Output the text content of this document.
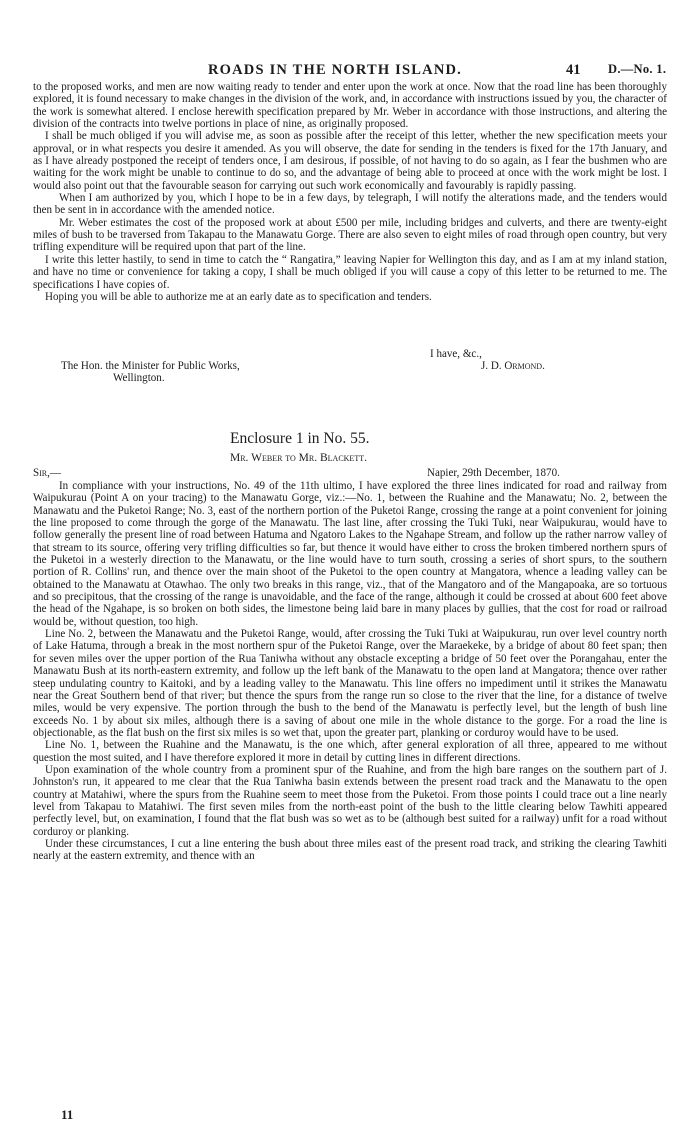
ROADS IN THE NORTH ISLAND.	41 D.—No. 1.

to the proposed works, and men are now waiting ready to tender and enter upon the work at once. Now that the road line has been thoroughly explored, it is found necessary to make changes in the division of the work, and, in accordance with instructions issued by you, the character of the work is somewhat altered. I enclose herewith specification prepared by Mr. Weber in accordance with those instructions, and altering the division of the contracts into twelve portions in place of nine, as originally proposed.

I shall be much obliged if you will advise me, as soon as possible after the receipt of this letter, whether the new specification meets your approval, or in what respects you desire it amended. As you will observe, the date for sending in the tenders is fixed for the 17th January, and as I have already postponed the receipt of tenders once, I am desirous, if possible, of not having to do so again, as I fear the bushmen who are waiting for the work might be unable to continue to do so, and the advantage of being able to proceed at once with the work might be lost. I would also point out that the favourable season for carrying out such work economically and favourably is rapidly passing.

When I am authorized by you, which I hope to be in a few days, by telegraph, I will notify the alterations made, and the tenders would then be sent in in accordance with the amended notice.

Mr. Weber estimates the cost of the proposed work at about £500 per mile, including bridges and culverts, and there are twenty-eight miles of bush to be traversed from Takapau to the Manawatu Gorge. There are also seven to eight miles of road through open country, but very trifling expenditure will be required upon that part of the line.

I write this letter hastily, to send in time to catch the “ Rangatira,” leaving Napier for Wellington this day, and as I am at my inland station, and have no time or convenience for taking a copy, I shall be much obliged if you will cause a copy of this letter to be returned to me. The specifications I have copies of.

Hoping you will be able to authorize me at an early date as to specification and tenders.

I have, &c.,
J. D. Ormond.
The Hon. the Minister for Public Works,
Wellington.
Enclosure 1 in No. 55.
Mr. Weber to Mr. Blackett.
Sir,—	Napier, 29th December, 1870.

In compliance with your instructions, No. 49 of the 11th ultimo, I have explored the three lines indicated for road and railway from Waipukurau (Point A on your tracing) to the Manawatu Gorge, viz.:—No. 1, between the Ruahine and the Manawatu; No. 2, between the Manawatu and the Puketoi Range; No. 3, east of the northern portion of the Puketoi Range, crossing the range at a point convenient for joining the line proposed to come through the gorge of the Manawatu. The last line, after crossing the Tuki Tuki, near Waipukurau, would have to follow generally the present line of road between Hatuma and Ngatoro Lakes to the Ngahape Stream, and follow up the rather narrow valley of that stream to its source, offering very trifling difficulties so far, but thence it would have either to cross the broken timbered northern spurs of the Puketoi in a westerly direction to the Manawatu, or the line would have to turn south, crossing a series of short spurs, to the southern portion of R. Collins' run, and thence over the main shoot of the Puketoi to the open country at Mangatora, whence a leading valley can be obtained to the Manawatu at Otawhao. The only two breaks in this range, viz., that of the Mangatoro and of the Mangapoaka, are so tortuous and so precipitous, that the crossing of the range is unavoidable, and the face of the range, although it could be crossed at about 600 feet above the head of the Ngahape, is so broken on both sides, the limestone being laid bare in many places by gullies, that the cost for road or railroad would be, without question, too high.

Line No. 2, between the Manawatu and the Puketoi Range, would, after crossing the Tuki Tuki at Waipukurau, run over level country north of Lake Hatuma, through a break in the most northern spur of the Puketoi Range, over the Maraekeke, by a bridge of about 80 feet span; then for seven miles over the upper portion of the Rua Taniwha without any obstacle excepting a bridge of 50 feet over the Porangahau, enter the Manawatu Bush at its north-eastern extremity, and follow up the left bank of the Manawatu to the open land at Mangatora; thence over rather steep undulating country to Kaitoki, and by a leading valley to the Manawatu. This line offers no impediment until it strikes the Manawatu near the Great Southern bend of that river; but thence the spurs from the range run so close to the river that the line, for a distance of twelve miles, would be very expensive. The portion through the bush to the bend of the Manawatu is perfectly level, but the length of bush line exceeds No. 1 by about six miles, although there is a saving of about one mile in the whole distance to the gorge. For a road the line is objectionable, as the flat bush on the first six miles is so wet that, upon the greater part, planking or corduroy would have to be used.

Line No. 1, between the Ruahine and the Manawatu, is the one which, after general exploration of all three, appeared to me without question the most suited, and I have therefore explored it more in detail by cutting lines in different directions.

Upon examination of the whole country from a prominent spur of the Ruahine, and from the high bare ranges on the southern part of J. Johnston's run, it appeared to me clear that the Rua Taniwha basin extends between the present road track and the Manawatu to the open country at Matahiwi, where the spurs from the Ruahine seem to meet those from the Puketoi. From those points I could trace out a line nearly level from Takapau to Matahiwi. The first seven miles from the north-east point of the bush to the little clearing below Tawhiti appeared perfectly level, but, on examination, I found that the flat bush was so wet as to be (although best suited for a railway) unfit for a road without corduroy or planking.

Under these circumstances, I cut a line entering the bush about three miles east of the present road track, and striking the clearing Tawhiti nearly at the eastern extremity, and thence with an

11
